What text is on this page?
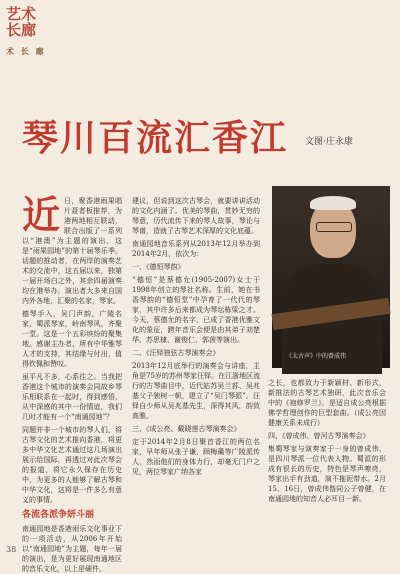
艺术长廊
术 长 廊
琴川百流汇香江	文图·庄永康
近 日，聚香港雨果唱片聂者板推荐，为港两地相互联动，联合出版了一系列以“港澳”为主题的演出，这是“雨果园地”的第十届琴乐季。话题的推动者，在两岸的演奏艺术的交流中，这五届以来，独第一届开场白之外，其余四届演奏均在港举办，演出者大多来自国内外各地，汇聚的名家，琴家。
德琴手入，吴门声韵，广陵名家，蜀派琴家，岭南琴风，齐聚一堂。这是一个五彩缤纷的聚集地。感谢主办者，所有中华雅琴人才的支持，其结缘与付出，值得钦佩和赞叹。
虽平凡不多，心系往之。当我把香港这个城市的演奏会同故乡琴乐相联系在一起时，得到感悟，从中深感的其中一份情谊，我们几时才能有一个“南通园地”？
同题并非一个城市的琴人们，将古琴文化的艺术推向香港，将更多中华文化艺术通过这几场演出展示给国际，再透过对此次琴会的报道，将它永久保存在历史中，为更多的人能够了解古琴和中华文化，这将是一件多么有意义的事情。
各流各派争妍斗丽
南通园地是香港雨乐文化事业下的一项活动，从2006年开始以“南通园地”为主题，每年一届的演出，是为更好展现南通地区的音乐文化，以上是硬件。
建议，但说到这次古琴会，就要讲讲活动的文化内涵了。优美的琴曲，贯妙无穷的琴意，历代流传下来的琴人故事，琴论与琴谱，造就了古琴艺术深厚的文化底蕴。
南通园地音乐系列从2013年12月举办到2014年2月，依次为：
一、《德恒琴韵》
“德恒”是蔡德允(1905-2007)女士于1998年创立的琴社名称。生前，她在书香琴韵的“德恒堂”中孕育了一代代的琴家，其中许多后来都成为琴坛栋梁之才。今天，蔡德允的名字，已成了香港优雅文化的象征，跨年音乐会便是由其弟子刘楚华、苏思棣、谢俊仁、郭茵等演出。
二、《汪铎独弦古琴演奏会》
2013年12月底举行的演奏会与讲座，主角是75岁的苏州琴家汪铎。在江浙地区流行的古琴曲目中，近代姑苏吴兰荪、吴兆基父子独树一帜，建立了“吴门琴派”。汪铎自少师从吴兆基先生，深得其风，韵致高雅。
三、《成公亮、戴晓莲古琴演奏会》
定于2014年2月8日聚首香江的两位名家，早年师从张子谦、顾梅羹等广陵派传人，然而他们的身体力行，却毫无门户之见，两位琴家广纳各家
《太古声》中的曾成伟
之长，也都致力于新颖材、新形式，新推法的古琴艺术独研，此次音乐会中的《袍修罗兰》，是适自成公亮根据佛学哲理创作的巨型套曲。（成公亮因健康关系未成行）
四、《曾成伟、曾河古琴演奏会》
集蜀琴家与演奏家于一身的曾成伟，是四川琴派一位代表人物。蜀派的形成有很长的历史，特色是琴声嘹亮，琴家出手有劲道，演不拖泥带水。2月15、16日，曾成伟偕同公子曾健，在南通园地的知音人必耳目一新。
38
